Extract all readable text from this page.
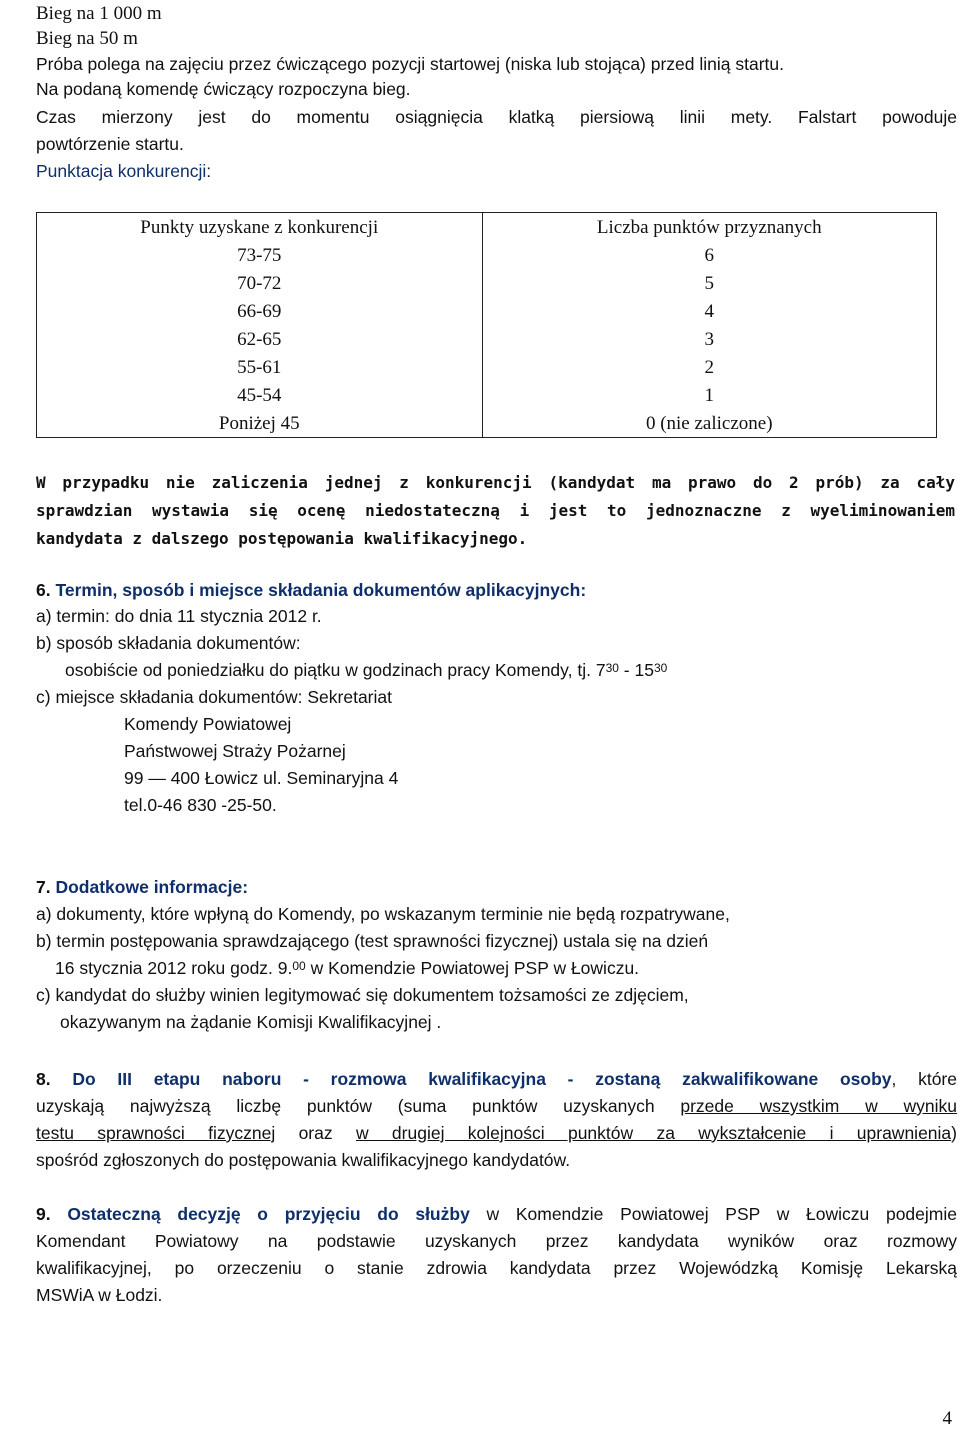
Bieg na 1 000 m
Bieg na 50 m
Próba polega na zajęciu przez ćwiczącego pozycji startowej (niska lub stojąca) przed linią startu.
Na podaną komendę ćwiczący rozpoczyna bieg.
Czas mierzony jest do momentu osiągnięcia klatką piersiową linii mety. Falstart powoduje
powtórzenie startu.
Punktacja konkurencji:
Punkty uzyskane z konkurencji	Liczba punktów przyznanych
73-75	6
70-72	5
66-69	4
62-65	3
55-61	2
45-54	1
Poniżej 45	0 (nie zaliczone)
W przypadku nie zaliczenia jednej z konkurencji (kandydat ma prawo do 2 prób) za cały
sprawdzian wystawia się ocenę niedostateczną i jest to jednoznaczne z wyeliminowaniem
kandydata z dalszego postępowania kwalifikacyjnego.
6. Termin, sposób i miejsce składania dokumentów aplikacyjnych:
a) termin: do dnia 11 stycznia 2012 r.
b) sposób składania dokumentów:
osobiście od poniedziałku do piątku w godzinach pracy Komendy, tj. $7^{30} - 15^{30}$
c) miejsce składania dokumentów: Sekretariat
Komendy Powiatowej
Państwowej Straży Pożarnej
99 — 400 Łowicz ul. Seminaryjna 4
tel.0-46 830 -25-50.
7. Dodatkowe informacje:
a) dokumenty, które wpłyną do Komendy, po wskazanym terminie nie będą rozpatrywane,
b) termin postępowania sprawdzającego (test sprawności fizycznej) ustala się na dzień
16 stycznia 2012 roku godz. 9.00 w Komendzie Powiatowej PSP w Łowiczu.
c) kandydat do służby winien legitymować się dokumentem tożsamości ze zdjęciem,
okazywanym na żądanie Komisji Kwalifikacyjnej .
8. Do III etapu naboru - rozmowa kwalifikacyjna - zostaną zakwalifikowane osoby, które
uzyskają najwyższą liczbę punktów (suma punktów uzyskanych przede wszystkim w wyniku
testu sprawności fizycznej oraz w drugiej kolejności punktów za wykształcenie i uprawnienia)
spośród zgłoszonych do postępowania kwalifikacyjnego kandydatów.
9. Ostateczną decyzję o przyjęciu do służby w Komendzie Powiatowej PSP w Łowiczu podejmie
Komendant Powiatowy na podstawie uzyskanych przez kandydata wyników oraz rozmowy
kwalifikacyjnej, po orzeczeniu o stanie zdrowia kandydata przez Wojewódzką Komisję Lekarską
MSWiA w Łodzi.
4
